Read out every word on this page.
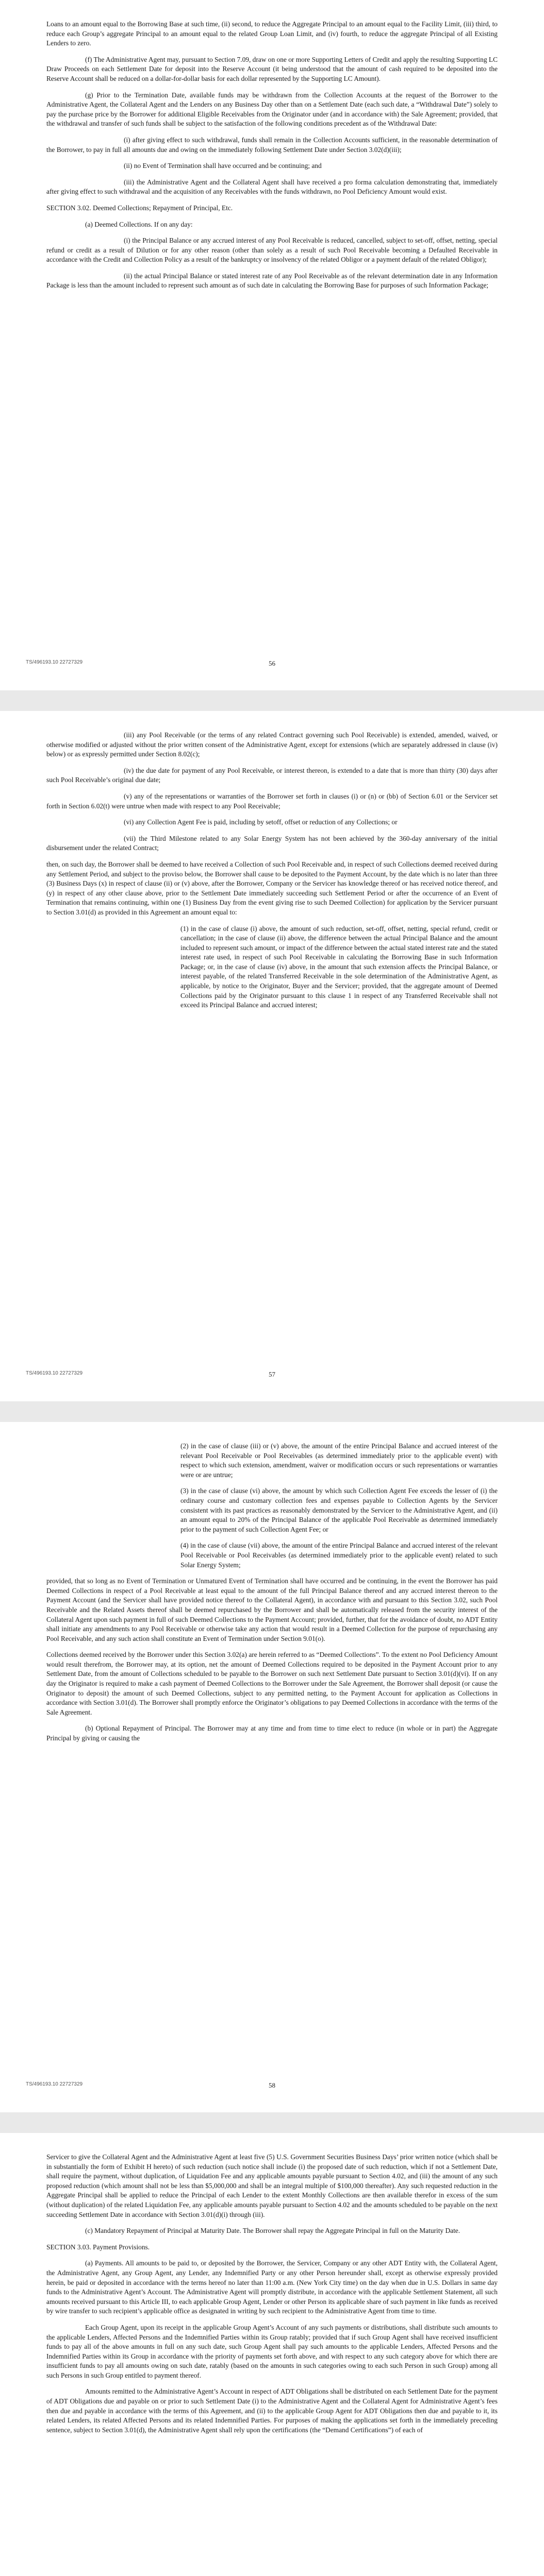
Loans to an amount equal to the Borrowing Base at such time, (ii) second, to reduce the Aggregate Principal to an amount equal to the Facility Limit, (iii) third, to reduce each Group’s aggregate Principal to an amount equal to the related Group Loan Limit, and (iv) fourth, to reduce the aggregate Principal of all Existing Lenders to zero.

(f) The Administrative Agent may, pursuant to Section 7.09, draw on one or more Supporting Letters of Credit and apply the resulting Supporting LC Draw Proceeds on each Settlement Date for deposit into the Reserve Account (it being understood that the amount of cash required to be deposited into the Reserve Account shall be reduced on a dollar-for-dollar basis for each dollar represented by the Supporting LC Amount).

(g) Prior to the Termination Date, available funds may be withdrawn from the Collection Accounts at the request of the Borrower to the Administrative Agent, the Collateral Agent and the Lenders on any Business Day other than on a Settlement Date (each such date, a “Withdrawal Date”) solely to pay the purchase price by the Borrower for additional Eligible Receivables from the Originator under (and in accordance with) the Sale Agreement; provided, that the withdrawal and transfer of such funds shall be subject to the satisfaction of the following conditions precedent as of the Withdrawal Date:

(i) after giving effect to such withdrawal, funds shall remain in the Collection Accounts sufficient, in the reasonable determination of the Borrower, to pay in full all amounts due and owing on the immediately following Settlement Date under Section 3.02(d)(iii);

(ii) no Event of Termination shall have occurred and be continuing; and

(iii) the Administrative Agent and the Collateral Agent shall have received a pro forma calculation demonstrating that, immediately after giving effect to such withdrawal and the acquisition of any Receivables with the funds withdrawn, no Pool Deficiency Amount would exist.

SECTION 3.02. Deemed Collections; Repayment of Principal, Etc.

(a) Deemed Collections. If on any day:

(i) the Principal Balance or any accrued interest of any Pool Receivable is reduced, cancelled, subject to set-off, offset, netting, special refund or credit as a result of Dilution or for any other reason (other than solely as a result of such Pool Receivable becoming a Defaulted Receivable in accordance with the Credit and Collection Policy as a result of the bankruptcy or insolvency of the related Obligor or a payment default of the related Obligor);

(ii) the actual Principal Balance or stated interest rate of any Pool Receivable as of the relevant determination date in any Information Package is less than the amount included to represent such amount as of such date in calculating the Borrowing Base for purposes of such Information Package;

TS/496193.10 22727329	56

(iii) any Pool Receivable (or the terms of any related Contract governing such Pool Receivable) is extended, amended, waived, or otherwise modified or adjusted without the prior written consent of the Administrative Agent, except for extensions (which are separately addressed in clause (iv) below) or as expressly permitted under Section 8.02(c);

(iv) the due date for payment of any Pool Receivable, or interest thereon, is extended to a date that is more than thirty (30) days after such Pool Receivable’s original due date;

(v) any of the representations or warranties of the Borrower set forth in clauses (i) or (n) or (bb) of Section 6.01 or the Servicer set forth in Section 6.02(t) were untrue when made with respect to any Pool Receivable;

(vi) any Collection Agent Fee is paid, including by setoff, offset or reduction of any Collections; or

(vii) the Third Milestone related to any Solar Energy System has not been achieved by the 360-day anniversary of the initial disbursement under the related Contract;

then, on such day, the Borrower shall be deemed to have received a Collection of such Pool Receivable and, in respect of such Collections deemed received during any Settlement Period, and subject to the proviso below, the Borrower shall cause to be deposited to the Payment Account, by the date which is no later than three (3) Business Days (x) in respect of clause (ii) or (v) above, after the Borrower, Company or the Servicer has knowledge thereof or has received notice thereof, and (y) in respect of any other clause above, prior to the Settlement Date immediately succeeding such Settlement Period or after the occurrence of an Event of Termination that remains continuing, within one (1) Business Day from the event giving rise to such Deemed Collection) for application by the Servicer pursuant to Section 3.01(d) as provided in this Agreement an amount equal to:

(1) in the case of clause (i) above, the amount of such reduction, set-off, offset, netting, special refund, credit or cancellation; in the case of clause (ii) above, the difference between the actual Principal Balance and the amount included to represent such amount, or impact of the difference between the actual stated interest rate and the stated interest rate used, in respect of such Pool Receivable in calculating the Borrowing Base in such Information Package; or, in the case of clause (iv) above, in the amount that such extension affects the Principal Balance, or interest payable, of the related Transferred Receivable in the sole determination of the Administrative Agent, as applicable, by notice to the Originator, Buyer and the Servicer; provided, that the aggregate amount of Deemed Collections paid by the Originator pursuant to this clause 1 in respect of any Transferred Receivable shall not exceed its Principal Balance and accrued interest;

TS/496193.10 22727329	57

(2) in the case of clause (iii) or (v) above, the amount of the entire Principal Balance and accrued interest of the relevant Pool Receivable or Pool Receivables (as determined immediately prior to the applicable event) with respect to which such extension, amendment, waiver or modification occurs or such representations or warranties were or are untrue;

(3) in the case of clause (vi) above, the amount by which such Collection Agent Fee exceeds the lesser of (i) the ordinary course and customary collection fees and expenses payable to Collection Agents by the Servicer consistent with its past practices as reasonably demonstrated by the Servicer to the Administrative Agent, and (ii) an amount equal to 20% of the Principal Balance of the applicable Pool Receivable as determined immediately prior to the payment of such Collection Agent Fee; or

(4) in the case of clause (vii) above, the amount of the entire Principal Balance and accrued interest of the relevant Pool Receivable or Pool Receivables (as determined immediately prior to the applicable event) related to such Solar Energy System;

provided, that so long as no Event of Termination or Unmatured Event of Termination shall have occurred and be continuing, in the event the Borrower has paid Deemed Collections in respect of a Pool Receivable at least equal to the amount of the full Principal Balance thereof and any accrued interest thereon to the Payment Account (and the Servicer shall have provided notice thereof to the Collateral Agent), in accordance with and pursuant to this Section 3.02, such Pool Receivable and the Related Assets thereof shall be deemed repurchased by the Borrower and shall be automatically released from the security interest of the Collateral Agent upon such payment in full of such Deemed Collections to the Payment Account; provided, further, that for the avoidance of doubt, no ADT Entity shall initiate any amendments to any Pool Receivable or otherwise take any action that would result in a Deemed Collection for the purpose of repurchasing any Pool Receivable, and any such action shall constitute an Event of Termination under Section 9.01(o).

Collections deemed received by the Borrower under this Section 3.02(a) are herein referred to as “Deemed Collections”. To the extent no Pool Deficiency Amount would result therefrom, the Borrower may, at its option, net the amount of Deemed Collections required to be deposited in the Payment Account prior to any Settlement Date, from the amount of Collections scheduled to be payable to the Borrower on such next Settlement Date pursuant to Section 3.01(d)(vi). If on any day the Originator is required to make a cash payment of Deemed Collections to the Borrower under the Sale Agreement, the Borrower shall deposit (or cause the Originator to deposit) the amount of such Deemed Collections, subject to any permitted netting, to the Payment Account for application as Collections in accordance with Section 3.01(d). The Borrower shall promptly enforce the Originator’s obligations to pay Deemed Collections in accordance with the terms of the Sale Agreement.

(b) Optional Repayment of Principal. The Borrower may at any time and from time to time elect to reduce (in whole or in part) the Aggregate Principal by giving or causing the

TS/496193.10 22727329	58

Servicer to give the Collateral Agent and the Administrative Agent at least five (5) U.S. Government Securities Business Days’ prior written notice (which shall be in substantially the form of Exhibit H hereto) of such reduction (such notice shall include (i) the proposed date of such reduction, which if not a Settlement Date, shall require the payment, without duplication, of Liquidation Fee and any applicable amounts payable pursuant to Section 4.02, and (iii) the amount of any such proposed reduction (which amount shall not be less than $5,000,000 and shall be an integral multiple of $100,000 thereafter). Any such requested reduction in the Aggregate Principal shall be applied to reduce the Principal of each Lender to the extent Monthly Collections are then available therefor in excess of the sum (without duplication) of the related Liquidation Fee, any applicable amounts payable pursuant to Section 4.02 and the amounts scheduled to be payable on the next succeeding Settlement Date in accordance with Section 3.01(d)(i) through (iii).

(c) Mandatory Repayment of Principal at Maturity Date. The Borrower shall repay the Aggregate Principal in full on the Maturity Date.

SECTION 3.03. Payment Provisions.

(a) Payments. All amounts to be paid to, or deposited by the Borrower, the Servicer, Company or any other ADT Entity with, the Collateral Agent, the Administrative Agent, any Group Agent, any Lender, any Indemnified Party or any other Person hereunder shall, except as otherwise expressly provided herein, be paid or deposited in accordance with the terms hereof no later than 11:00 a.m. (New York City time) on the day when due in U.S. Dollars in same day funds to the Administrative Agent’s Account. The Administrative Agent will promptly distribute, in accordance with the applicable Settlement Statement, all such amounts received pursuant to this Article III, to each applicable Group Agent, Lender or other Person its applicable share of such payment in like funds as received by wire transfer to such recipient’s applicable office as designated in writing by such recipient to the Administrative Agent from time to time.

Each Group Agent, upon its receipt in the applicable Group Agent’s Account of any such payments or distributions, shall distribute such amounts to the applicable Lenders, Affected Persons and the Indemnified Parties within its Group ratably; provided that if such Group Agent shall have received insufficient funds to pay all of the above amounts in full on any such date, such Group Agent shall pay such amounts to the applicable Lenders, Affected Persons and the Indemnified Parties within its Group in accordance with the priority of payments set forth above, and with respect to any such category above for which there are insufficient funds to pay all amounts owing on such date, ratably (based on the amounts in such categories owing to each such Person in such Group) among all such Persons in such Group entitled to payment thereof.

Amounts remitted to the Administrative Agent’s Account in respect of ADT Obligations shall be distributed on each Settlement Date for the payment of ADT Obligations due and payable on or prior to such Settlement Date (i) to the Administrative Agent and the Collateral Agent for Administrative Agent’s fees then due and payable in accordance with the terms of this Agreement, and (ii) to the applicable Group Agent for ADT Obligations then due and payable to it, its related Lenders, its related Affected Persons and its related Indemnified Parties. For purposes of making the applications set forth in the immediately preceding sentence, subject to Section 3.01(d), the Administrative Agent shall rely upon the certifications (the “Demand Certifications”) of each of
